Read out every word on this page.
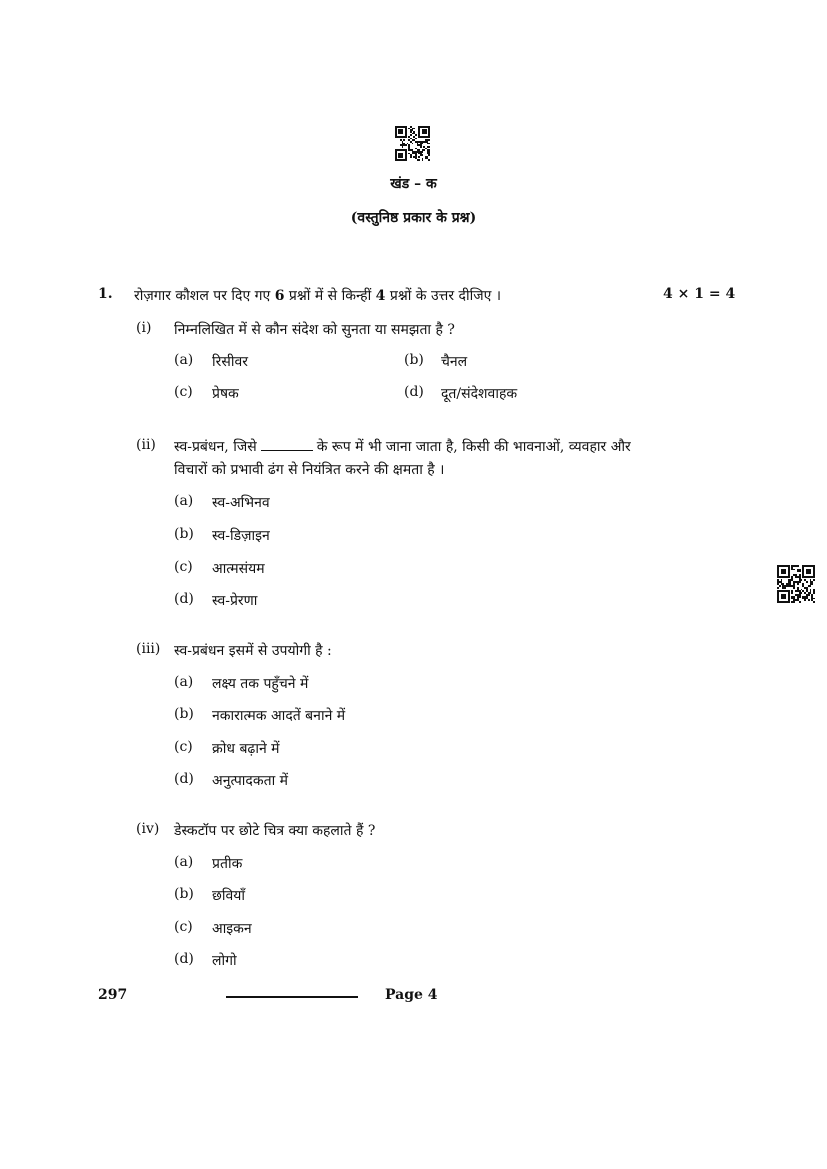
खंड – क
(वस्तुनिष्ठ प्रकार के प्रश्न)
1. रोज़गार कौशल पर दिए गए 6 प्रश्नों में से किन्हीं 4 प्रश्नों के उत्तर दीजिए ।	4 × 1 = 4
(i) निम्नलिखित में से कौन संदेश को सुनता या समझता है ?
(a) रिसीवर	(b) चैनल
(c) प्रेषक	(d) दूत/संदेशवाहक
(ii) स्व-प्रबंधन, जिसे	के रूप में भी जाना जाता है, किसी की भावनाओं, व्यवहार और
विचारों को प्रभावी ढंग से नियंत्रित करने की क्षमता है ।
(a) स्व-अभिनव
(b) स्व-डिज़ाइन
(c) आत्मसंयम
(d) स्व-प्रेरणा
(iii) स्व-प्रबंधन इसमें से उपयोगी है :
(a) लक्ष्य तक पहुँचने में
(b) नकारात्मक आदतें बनाने में
(c) क्रोध बढ़ाने में
(d) अनुत्पादकता में
(iv) डेस्कटॉप पर छोटे चित्र क्या कहलाते हैं ?
(a) प्रतीक
(b) छवियाँ
(c) आइकन
(d) लोगो
297	Page 4
